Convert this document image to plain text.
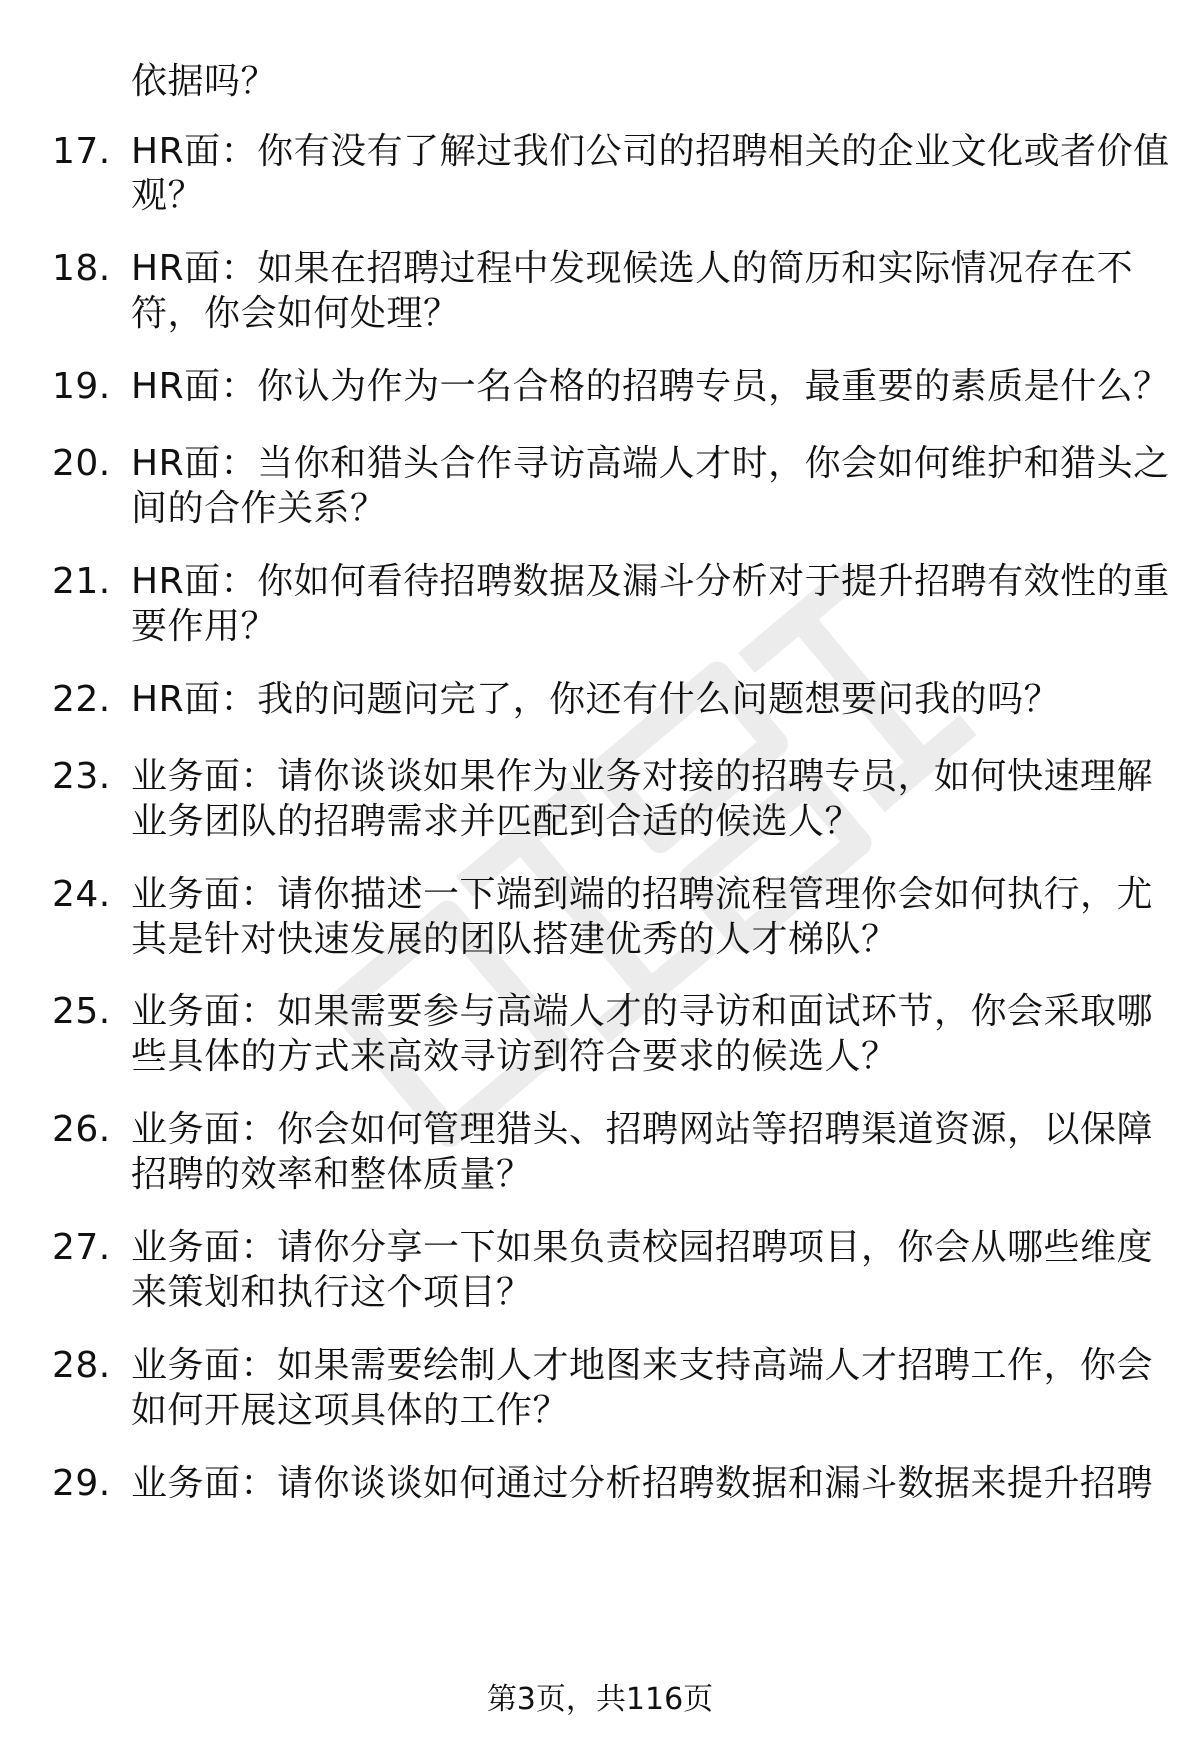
依据吗？
17. HR面：你有没有了解过我们公司的招聘相关的企业文化或者价值
观？
18. HR面：如果在招聘过程中发现候选人的简历和实际情况存在不
符，你会如何处理？
19. HR面：你认为作为一名合格的招聘专员，最重要的素质是什么？
20. HR面：当你和猎头合作寻访高端人才时，你会如何维护和猎头之
间的合作关系？
21. HR面：你如何看待招聘数据及漏斗分析对于提升招聘有效性的重
要作用？
22. HR面：我的问题问完了，你还有什么问题想要问我的吗？
23. 业务面：请你谈谈如果作为业务对接的招聘专员，如何快速理解
业务团队的招聘需求并匹配到合适的候选人？
24. 业务面：请你描述一下端到端的招聘流程管理你会如何执行，尤
其是针对快速发展的团队搭建优秀的人才梯队？
25. 业务面：如果需要参与高端人才的寻访和面试环节，你会采取哪
些具体的方式来高效寻访到符合要求的候选人？
26. 业务面：你会如何管理猎头、招聘网站等招聘渠道资源，以保障
招聘的效率和整体质量？
27. 业务面：请你分享一下如果负责校园招聘项目，你会从哪些维度
来策划和执行这个项目？
28. 业务面：如果需要绘制人才地图来支持高端人才招聘工作，你会
如何开展这项具体的工作？
29. 业务面：请你谈谈如何通过分析招聘数据和漏斗数据来提升招聘
第3页，共116页
